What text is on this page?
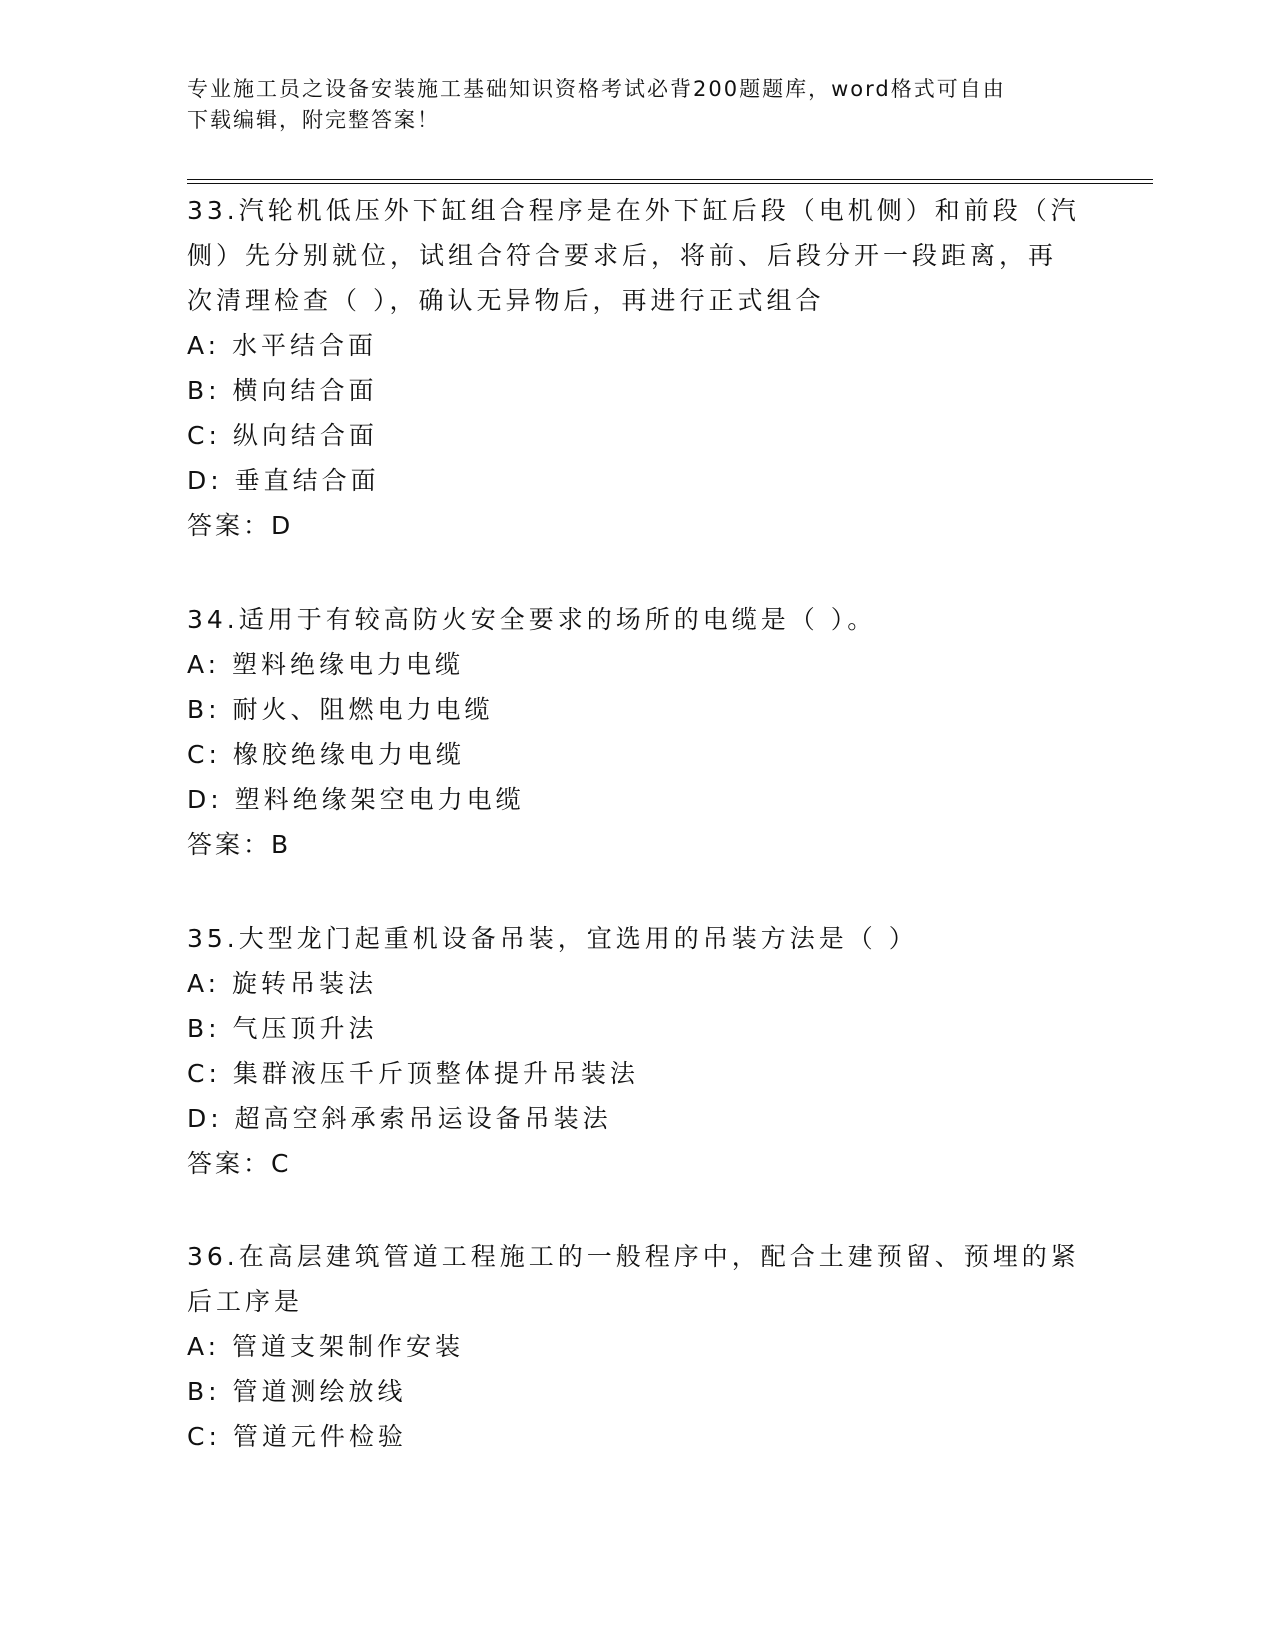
专业施工员之设备安装施工基础知识资格考试必背200题题库，word格式可自由
下载编辑，附完整答案！

33.汽轮机低压外下缸组合程序是在外下缸后段（电机侧）和前段（汽
侧）先分别就位，试组合符合要求后，将前、后段分开一段距离，再
次清理检查（ ），确认无异物后，再进行正式组合

A: 水平结合面

B: 横向结合面

C: 纵向结合面

D: 垂直结合面

答案：D

34.适用于有较高防火安全要求的场所的电缆是（ ）。

A: 塑料绝缘电力电缆

B: 耐火、阻燃电力电缆

C: 橡胶绝缘电力电缆

D: 塑料绝缘架空电力电缆

答案：B

35.大型龙门起重机设备吊装，宜选用的吊装方法是（ ）

A: 旋转吊装法

B: 气压顶升法

C: 集群液压千斤顶整体提升吊装法

D: 超高空斜承索吊运设备吊装法

答案：C

36.在高层建筑管道工程施工的一般程序中，配合土建预留、预埋的紧
后工序是

A: 管道支架制作安装

B: 管道测绘放线

C: 管道元件检验
